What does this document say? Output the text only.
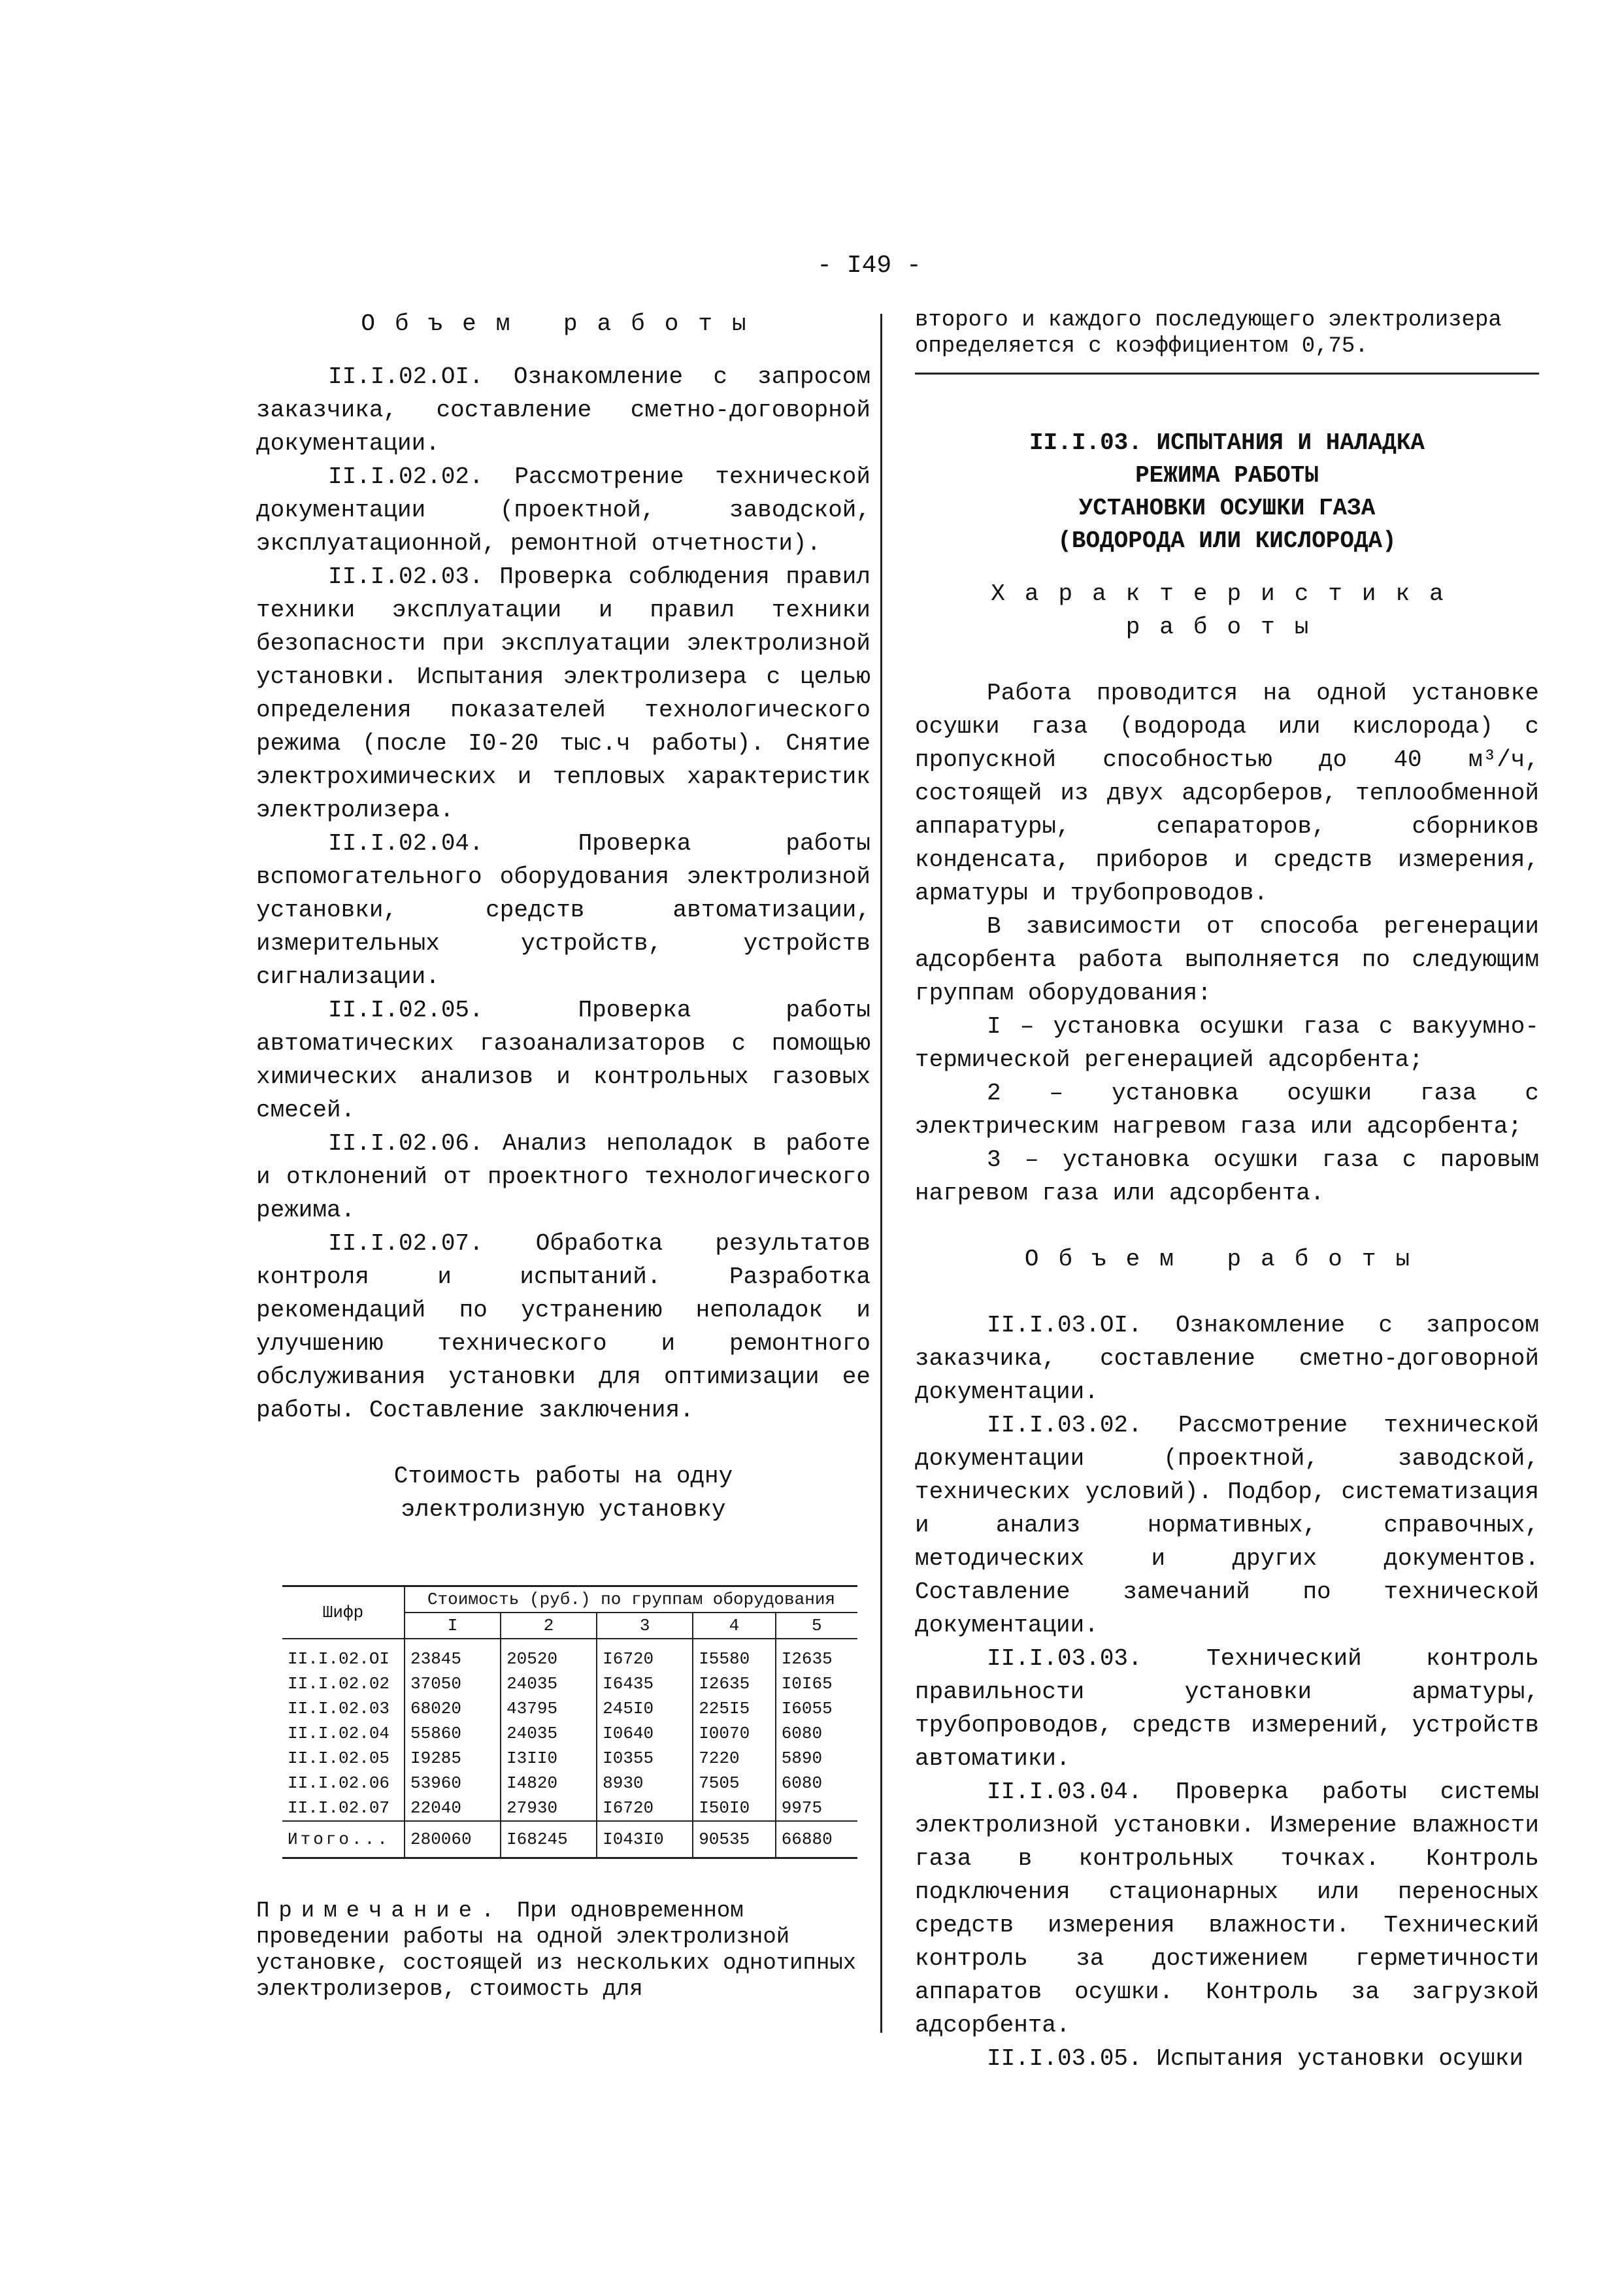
- I49 -
Объем работы

II.I.02.OI. Ознакомление с запросом заказчика, составление сметно-договорной документации.

II.I.02.02. Рассмотрение технической документации (проектной, заводской, эксплуатационной, ремонтной отчетности).

II.I.02.03. Проверка соблюдения правил техники эксплуатации и правил техники безопасности при эксплуатации электролизной установки. Испытания электролизера с целью определения показателей технологического режима (после I0-20 тыс.ч работы). Снятие электрохимических и тепловых характеристик электролизера.

II.I.02.04. Проверка работы вспомогательного оборудования электролизной установки, средств автоматизации, измерительных устройств, устройств сигнализации.

II.I.02.05. Проверка работы автоматических газоанализаторов с помощью химических анализов и контрольных газовых смесей.

II.I.02.06. Анализ неполадок в работе и отклонений от проектного технологического режима.

II.I.02.07. Обработка результатов контроля и испытаний. Разработка рекомендаций по устранению неполадок и улучшению технического и ремонтного обслуживания установки для оптимизации ее работы. Составление заключения.

Стоимость работы на одну
электролизную установку
Шифр	Стоимость (руб.) по группам оборудования				
	I	2	3	4	5

II.I.02.OI	23845	20520	I6720	I5580	I2635
II.I.02.02	37050	24035	I6435	I2635	I0I65
II.I.02.03	68020	43795	245I0	225I5	I6055
II.I.02.04	55860	24035	I0640	I0070	6080
II.I.02.05	I9285	I3II0	I0355	7220	5890
II.I.02.06	53960	I4820	8930	7505	6080
II.I.02.07	22040	27930	I6720	I50I0	9975
Итого...	280060	I68245	I043I0	90535	66880
Примечание. При одновременном проведении работы на одной электролизной установке, состоящей из нескольких однотипных электролизеров, стоимость для
второго и каждого последующего электролизера определяется с коэффициентом 0,75.
II.I.03. ИСПЫТАНИЯ И НАЛАДКА
РЕЖИМА РАБОТЫ
УСТАНОВКИ ОСУШКИ ГАЗА
(ВОДОРОДА ИЛИ КИСЛОРОДА)
Характеристика
работы

Работа проводится на одной установке осушки газа (водорода или кислорода) с пропускной способностью до 40 м³/ч, состоящей из двух адсорберов, теплообменной аппаратуры, сепараторов, сборников конденсата, приборов и средств измерения, арматуры и трубопроводов.

В зависимости от способа регенерации адсорбента работа выполняется по следующим группам оборудования:

I – установка осушки газа с вакуумно-термической регенерацией адсорбента;

2 – установка осушки газа с электрическим нагревом газа или адсорбента;

3 – установка осушки газа с паровым нагревом газа или адсорбента.

Объем работы

II.I.03.OI. Ознакомление с запросом заказчика, составление сметно-договорной документации.

II.I.03.02. Рассмотрение технической документации (проектной, заводской, технических условий). Подбор, систематизация и анализ нормативных, справочных, методических и других документов. Составление замечаний по технической документации.

II.I.03.03. Технический контроль правильности установки арматуры, трубопроводов, средств измерений, устройств автоматики.

II.I.03.04. Проверка работы системы электролизной установки. Измерение влажности газа в контрольных точках. Контроль подключения стационарных или переносных средств измерения влажности. Технический контроль за достижением герметичности аппаратов осушки. Контроль за загрузкой адсорбента.

II.I.03.05. Испытания установки осушки
